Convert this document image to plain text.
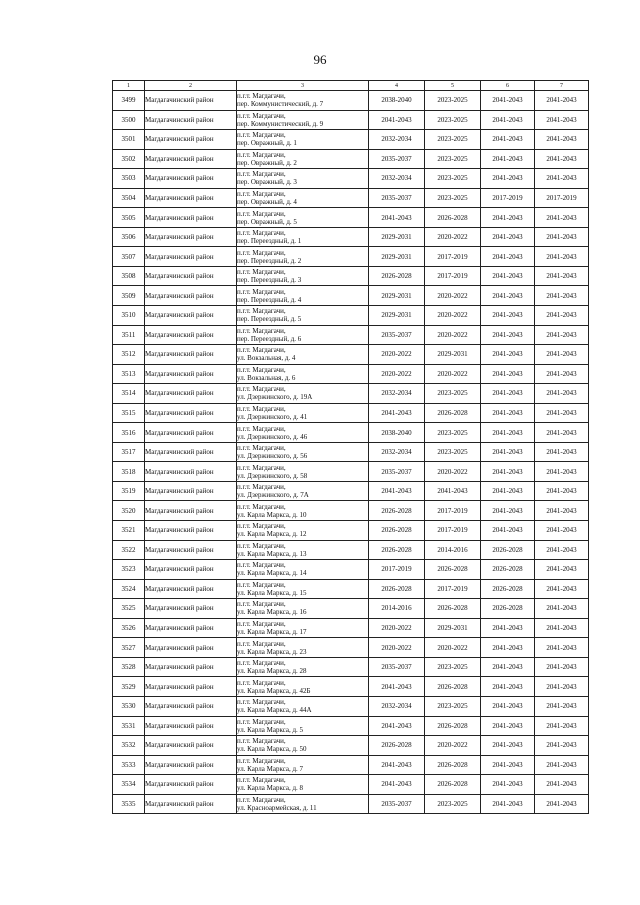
96
1	2	3	4	5	6	7
3499	Магдагачинский район	п.г.т. Магдагачи,
пер. Коммунистический, д. 7	2038-2040	2023-2025	2041-2043	2041-2043
3500	Магдагачинский район	п.г.т. Магдагачи,
пер. Коммунистический, д. 9	2041-2043	2023-2025	2041-2043	2041-2043
3501	Магдагачинский район	п.г.т. Магдагачи,
пер. Овражный, д. 1	2032-2034	2023-2025	2041-2043	2041-2043
3502	Магдагачинский район	п.г.т. Магдагачи,
пер. Овражный, д. 2	2035-2037	2023-2025	2041-2043	2041-2043
3503	Магдагачинский район	п.г.т. Магдагачи,
пер. Овражный, д. 3	2032-2034	2023-2025	2041-2043	2041-2043
3504	Магдагачинский район	п.г.т. Магдагачи,
пер. Овражный, д. 4	2035-2037	2023-2025	2017-2019	2017-2019
3505	Магдагачинский район	п.г.т. Магдагачи,
пер. Овражный, д. 5	2041-2043	2026-2028	2041-2043	2041-2043
3506	Магдагачинский район	п.г.т. Магдагачи,
пер. Переездный, д. 1	2029-2031	2020-2022	2041-2043	2041-2043
3507	Магдагачинский район	п.г.т. Магдагачи,
пер. Переездный, д. 2	2029-2031	2017-2019	2041-2043	2041-2043
3508	Магдагачинский район	п.г.т. Магдагачи,
пер. Переездный, д. 3	2026-2028	2017-2019	2041-2043	2041-2043
3509	Магдагачинский район	п.г.т. Магдагачи,
пер. Переездный, д. 4	2029-2031	2020-2022	2041-2043	2041-2043
3510	Магдагачинский район	п.г.т. Магдагачи,
пер. Переездный, д. 5	2029-2031	2020-2022	2041-2043	2041-2043
3511	Магдагачинский район	п.г.т. Магдагачи,
пер. Переездный, д. 6	2035-2037	2020-2022	2041-2043	2041-2043
3512	Магдагачинский район	п.г.т. Магдагачи,
ул. Вокзальная, д. 4	2020-2022	2029-2031	2041-2043	2041-2043
3513	Магдагачинский район	п.г.т. Магдагачи,
ул. Вокзальная, д. 6	2020-2022	2020-2022	2041-2043	2041-2043
3514	Магдагачинский район	п.г.т. Магдагачи,
ул. Дзержинского, д. 19А	2032-2034	2023-2025	2041-2043	2041-2043
3515	Магдагачинский район	п.г.т. Магдагачи,
ул. Дзержинского, д. 41	2041-2043	2026-2028	2041-2043	2041-2043
3516	Магдагачинский район	п.г.т. Магдагачи,
ул. Дзержинского, д. 46	2038-2040	2023-2025	2041-2043	2041-2043
3517	Магдагачинский район	п.г.т. Магдагачи,
ул. Дзержинского, д. 56	2032-2034	2023-2025	2041-2043	2041-2043
3518	Магдагачинский район	п.г.т. Магдагачи,
ул. Дзержинского, д. 58	2035-2037	2020-2022	2041-2043	2041-2043
3519	Магдагачинский район	п.г.т. Магдагачи,
ул. Дзержинского, д. 7А	2041-2043	2041-2043	2041-2043	2041-2043
3520	Магдагачинский район	п.г.т. Магдагачи,
ул. Карла Маркса, д. 10	2026-2028	2017-2019	2041-2043	2041-2043
3521	Магдагачинский район	п.г.т. Магдагачи,
ул. Карла Маркса, д. 12	2026-2028	2017-2019	2041-2043	2041-2043
3522	Магдагачинский район	п.г.т. Магдагачи,
ул. Карла Маркса, д. 13	2026-2028	2014-2016	2026-2028	2041-2043
3523	Магдагачинский район	п.г.т. Магдагачи,
ул. Карла Маркса, д. 14	2017-2019	2026-2028	2026-2028	2041-2043
3524	Магдагачинский район	п.г.т. Магдагачи,
ул. Карла Маркса, д. 15	2026-2028	2017-2019	2026-2028	2041-2043
3525	Магдагачинский район	п.г.т. Магдагачи,
ул. Карла Маркса, д. 16	2014-2016	2026-2028	2026-2028	2041-2043
3526	Магдагачинский район	п.г.т. Магдагачи,
ул. Карла Маркса, д. 17	2020-2022	2029-2031	2041-2043	2041-2043
3527	Магдагачинский район	п.г.т. Магдагачи,
ул. Карла Маркса, д. 23	2020-2022	2020-2022	2041-2043	2041-2043
3528	Магдагачинский район	п.г.т. Магдагачи,
ул. Карла Маркса, д. 28	2035-2037	2023-2025	2041-2043	2041-2043
3529	Магдагачинский район	п.г.т. Магдагачи,
ул. Карла Маркса, д. 42Б	2041-2043	2026-2028	2041-2043	2041-2043
3530	Магдагачинский район	п.г.т. Магдагачи,
ул. Карла Маркса, д. 44А	2032-2034	2023-2025	2041-2043	2041-2043
3531	Магдагачинский район	п.г.т. Магдагачи,
ул. Карла Маркса, д. 5	2041-2043	2026-2028	2041-2043	2041-2043
3532	Магдагачинский район	п.г.т. Магдагачи,
ул. Карла Маркса, д. 50	2026-2028	2020-2022	2041-2043	2041-2043
3533	Магдагачинский район	п.г.т. Магдагачи,
ул. Карла Маркса, д. 7	2041-2043	2026-2028	2041-2043	2041-2043
3534	Магдагачинский район	п.г.т. Магдагачи,
ул. Карла Маркса, д. 8	2041-2043	2026-2028	2041-2043	2041-2043
3535	Магдагачинский район	п.г.т. Магдагачи,
ул. Красноармейская, д. 11	2035-2037	2023-2025	2041-2043	2041-2043
